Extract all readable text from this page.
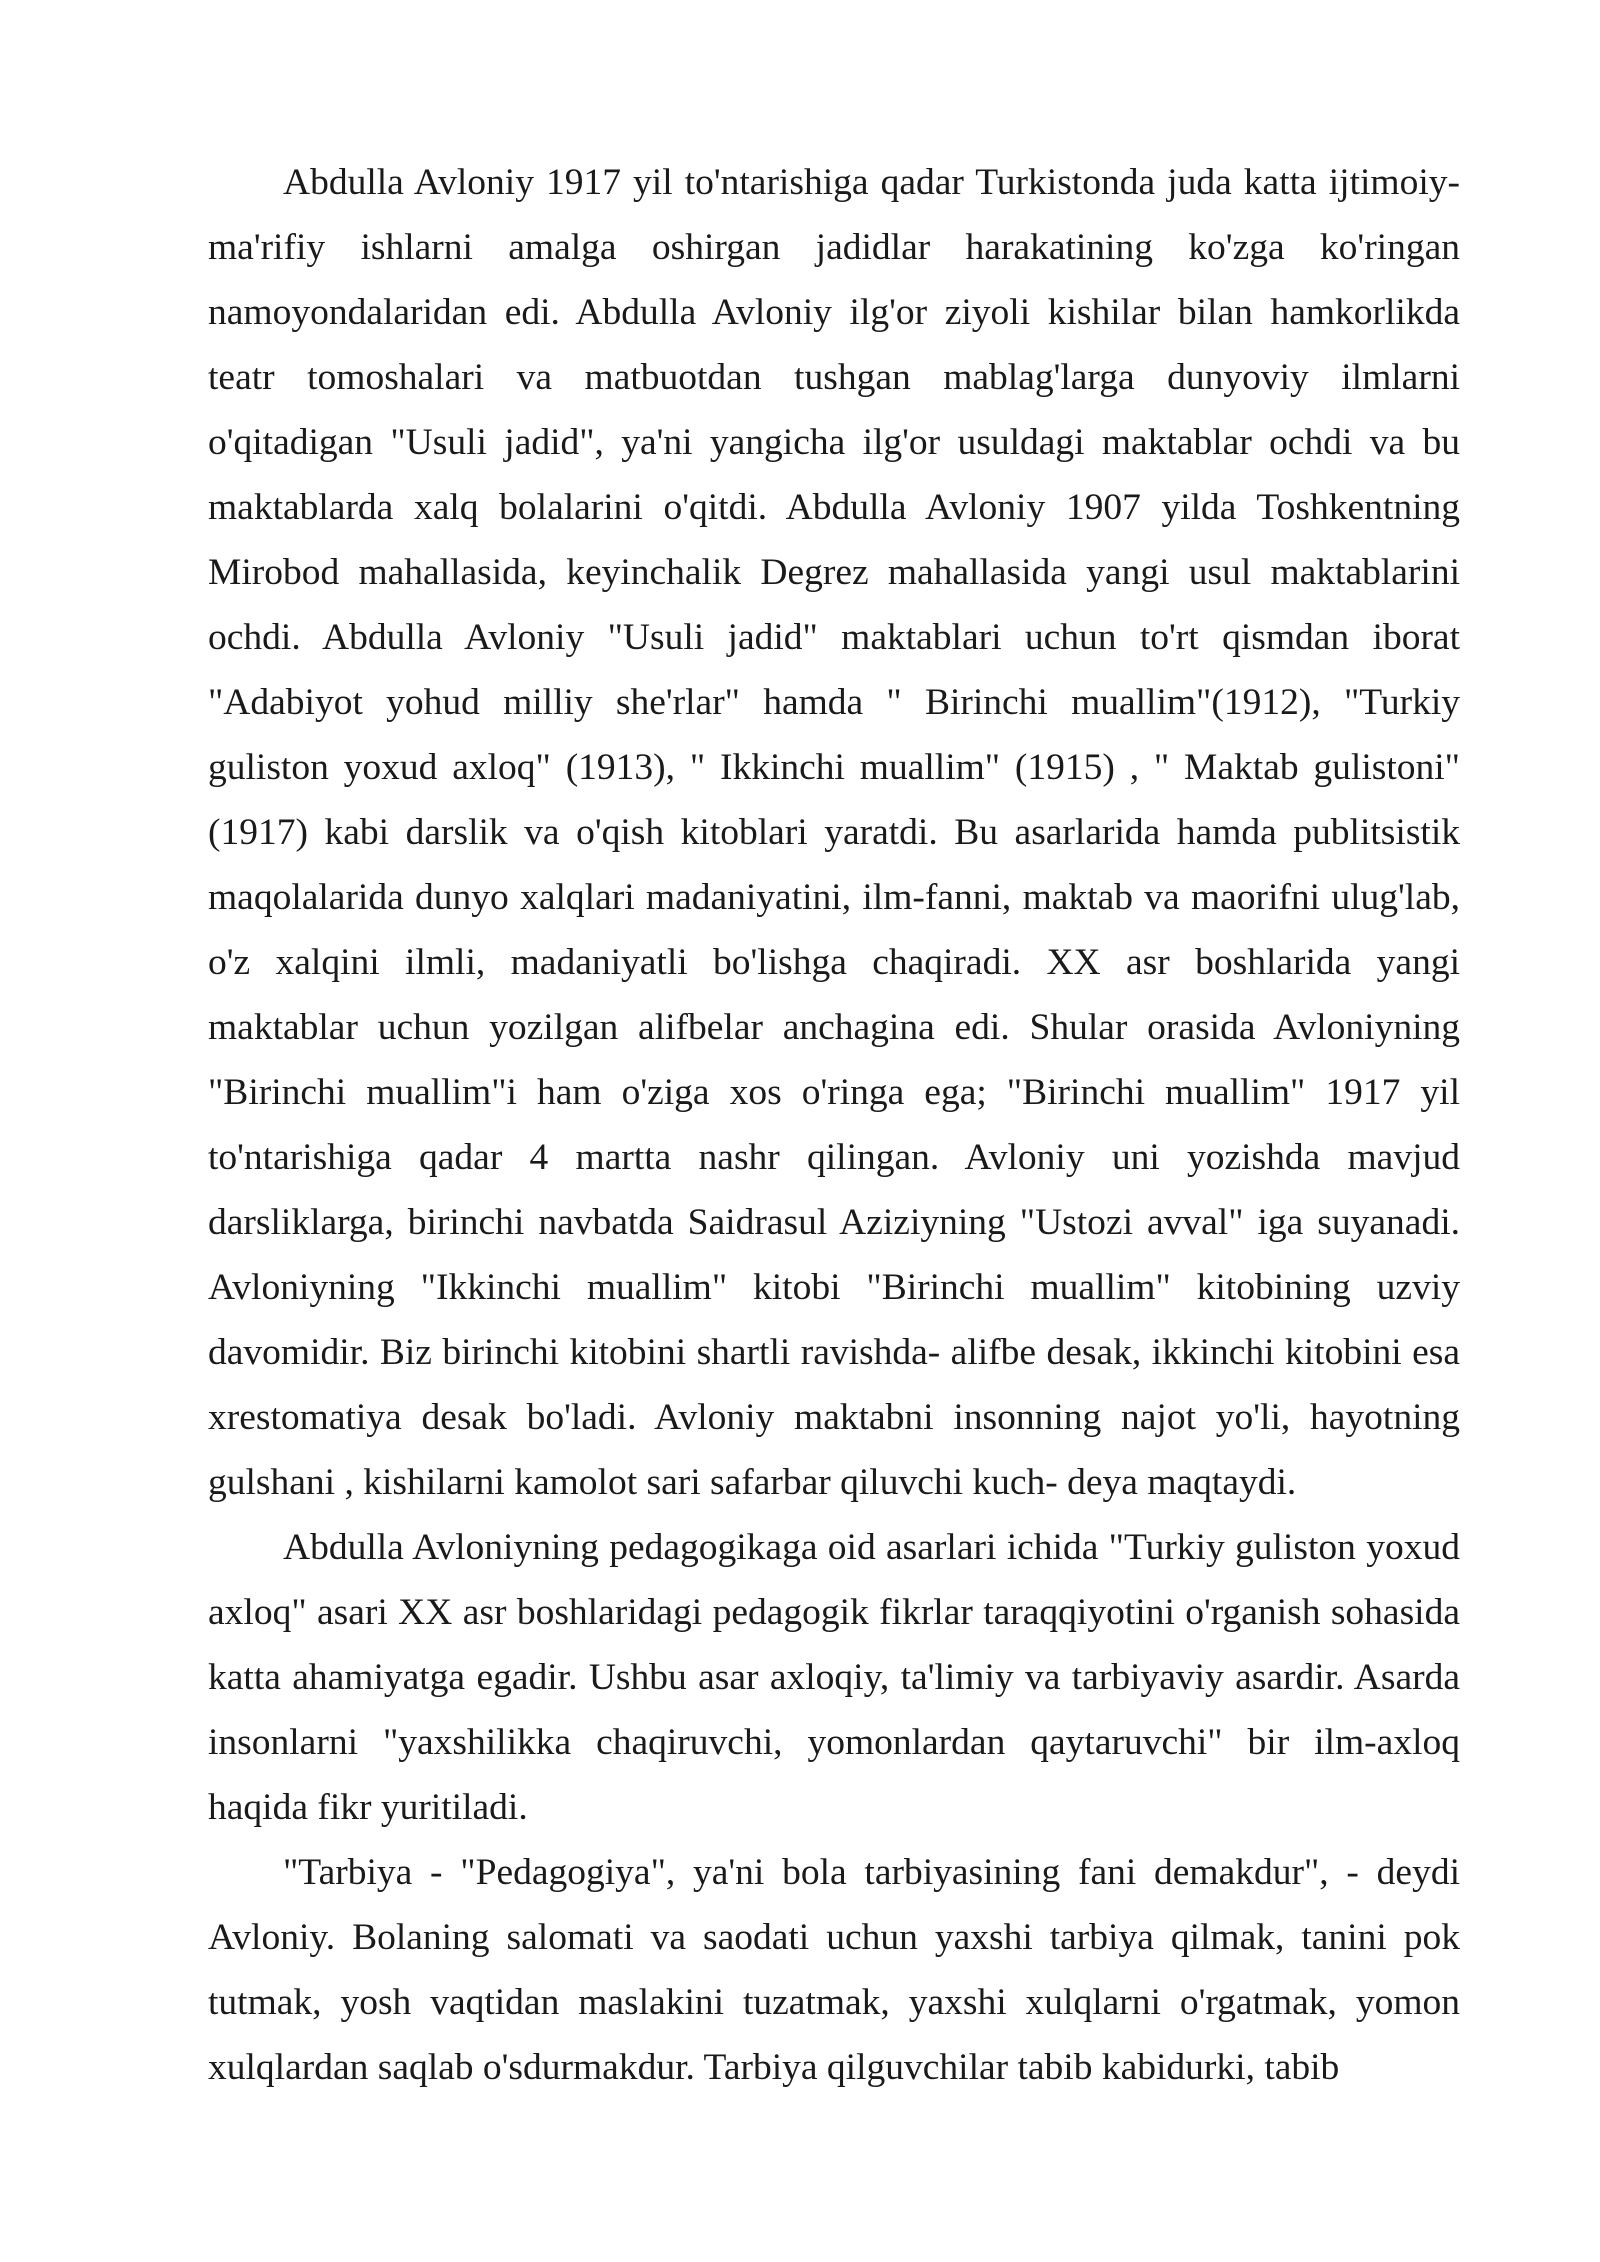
Abdulla Avloniy 1917 yil to'ntarishiga qadar Turkistonda juda katta ijtimoiy-ma'rifiy ishlarni amalga oshirgan jadidlar harakatining ko'zga ko'ringan namoyondalaridan edi. Abdulla Avloniy ilg'or ziyoli kishilar bilan hamkorlikda teatr tomoshalari va matbuotdan tushgan mablag'larga dunyoviy ilmlarni o'qitadigan "Usuli jadid", ya'ni yangicha ilg'or usuldagi maktablar ochdi va bu maktablarda xalq bolalarini o'qitdi. Abdulla Avloniy 1907 yilda Toshkentning Mirobod mahallasida, keyinchalik Degrez mahallasida yangi usul maktablarini ochdi. Abdulla Avloniy "Usuli jadid" maktablari uchun to'rt qismdan iborat "Adabiyot yohud milliy she'rlar" hamda " Birinchi muallim"(1912), "Turkiy guliston yoxud axloq" (1913), " Ikkinchi muallim" (1915) , " Maktab gulistoni" (1917) kabi darslik va o'qish kitoblari yaratdi. Bu asarlarida hamda publitsistik maqolalarida dunyo xalqlari madaniyatini, ilm-fanni, maktab va maorifni ulug'lab, o'z xalqini ilmli, madaniyatli bo'lishga chaqiradi. XX asr boshlarida yangi maktablar uchun yozilgan alifbelar anchagina edi. Shular orasida Avloniyning "Birinchi muallim"i ham o'ziga xos o'ringa ega; "Birinchi muallim" 1917 yil to'ntarishiga qadar 4 martta nashr qilingan. Avloniy uni yozishda mavjud darsliklarga, birinchi navbatda Saidrasul Aziziyning "Ustozi avval" iga suyanadi. Avloniyning "Ikkinchi muallim" kitobi "Birinchi muallim" kitobining uzviy davomidir. Biz birinchi kitobini shartli ravishda- alifbe desak, ikkinchi kitobini esa xrestomatiya desak bo'ladi. Avloniy maktabni insonning najot yo'li, hayotning gulshani , kishilarni kamolot sari safarbar qiluvchi kuch- deya maqtaydi.

Abdulla Avloniyning pedagogikaga oid asarlari ichida "Turkiy guliston yoxud axloq" asari XX asr boshlaridagi pedagogik fikrlar taraqqiyotini o'rganish sohasida katta ahamiyatga egadir. Ushbu asar axloqiy, ta'limiy va tarbiyaviy asardir. Asarda insonlarni "yaxshilikka chaqiruvchi, yomonlardan qaytaruvchi" bir ilm-axloq haqida fikr yuritiladi.

"Tarbiya - "Pedagogiya", ya'ni bola tarbiyasining fani demakdur", - deydi Avloniy. Bolaning salomati va saodati uchun yaxshi tarbiya qilmak, tanini pok tutmak, yosh vaqtidan maslakini tuzatmak, yaxshi xulqlarni o'rgatmak, yomon xulqlardan saqlab o'sdurmakdur. Tarbiya qilguvchilar tabib kabidurki, tabib
